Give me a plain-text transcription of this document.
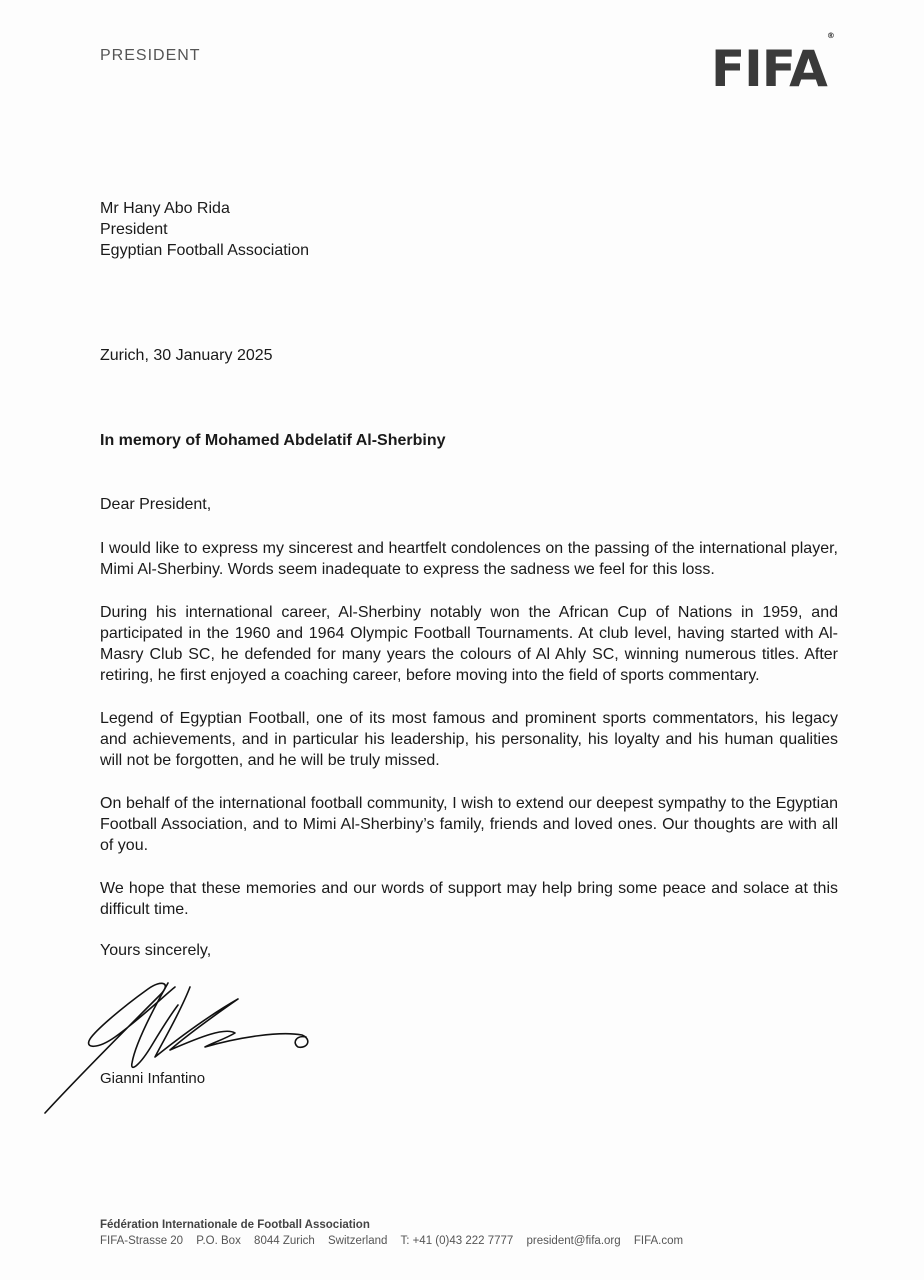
PRESIDENT	FIFA®
Mr Hany Abo Rida
President
Egyptian Football Association
Zurich, 30 January 2025
In memory of Mohamed Abdelatif Al-Sherbiny
Dear President,

I would like to express my sincerest and heartfelt condolences on the passing of the international player, Mimi Al-Sherbiny. Words seem inadequate to express the sadness we feel for this loss.

During his international career, Al-Sherbiny notably won the African Cup of Nations in 1959, and participated in the 1960 and 1964 Olympic Football Tournaments. At club level, having started with Al-Masry Club SC, he defended for many years the colours of Al Ahly SC, winning numerous titles. After retiring, he first enjoyed a coaching career, before moving into the field of sports commentary.

Legend of Egyptian Football, one of its most famous and prominent sports commentators, his legacy and achievements, and in particular his leadership, his personality, his loyalty and his human qualities will not be forgotten, and he will be truly missed.

On behalf of the international football community, I wish to extend our deepest sympathy to the Egyptian Football Association, and to Mimi Al-Sherbiny’s family, friends and loved ones. Our thoughts are with all of you.

We hope that these memories and our words of support may help bring some peace and solace at this difficult time.

Yours sincerely,
Gianni Infantino
Fédération Internationale de Football Association
FIFA-Strasse 20 P.O. Box 8044 Zurich Switzerland T: +41 (0)43 222 7777 president@fifa.org FIFA.com
